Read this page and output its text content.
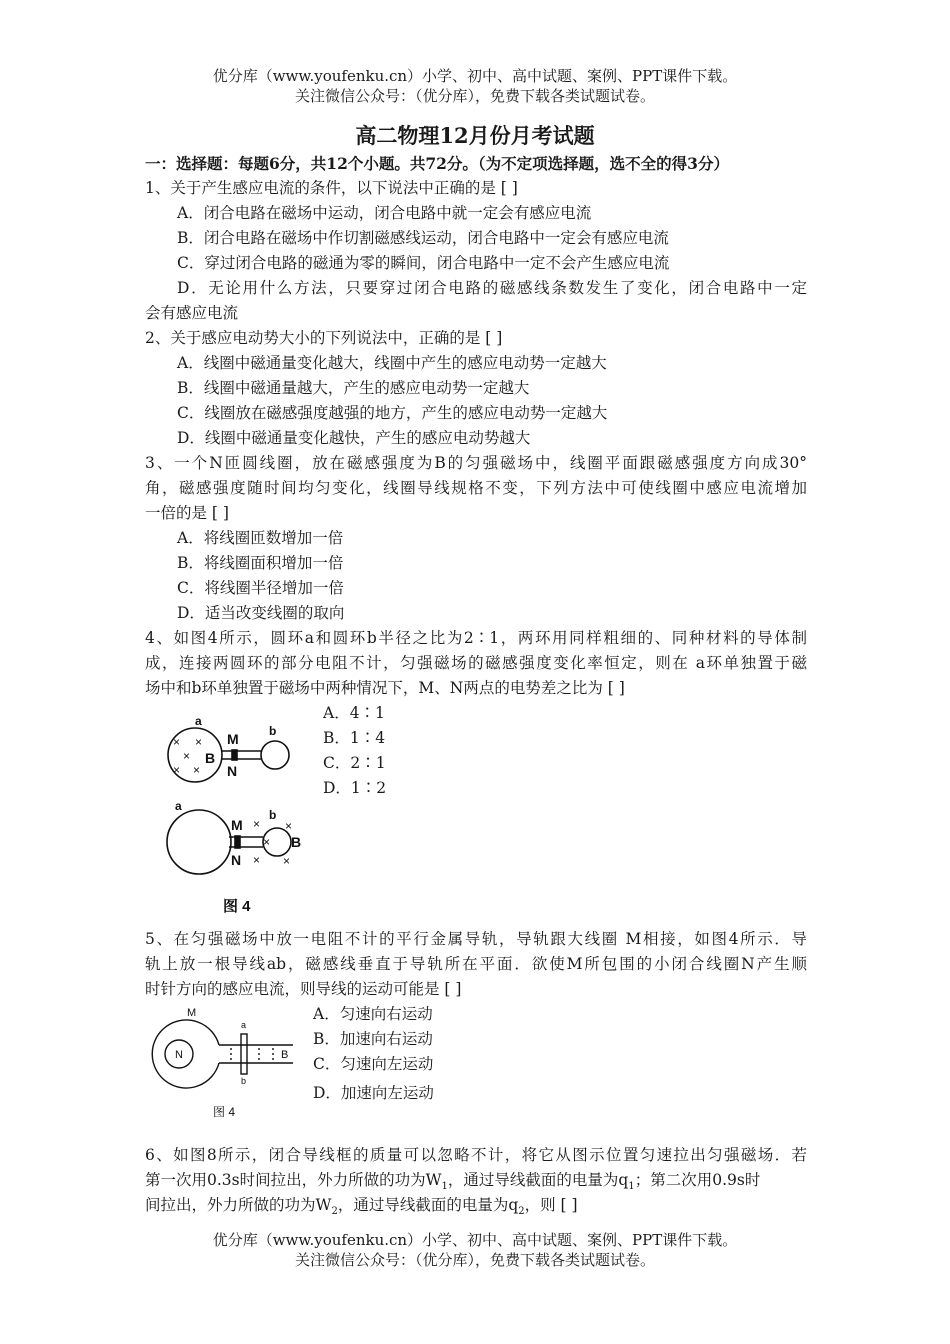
优分库（www.youfenku.cn）小学、初中、高中试题、案例、PPT课件下载。
关注微信公众号：（优分库），免费下载各类试题试卷。
高二物理12月份月考试题
一：选择题：每题6分，共12个小题。共72分。（为不定项选择题，选不全的得3分）
1、关于产生感应电流的条件，以下说法中正确的是 [ ]
A．闭合电路在磁场中运动，闭合电路中就一定会有感应电流
B．闭合电路在磁场中作切割磁感线运动，闭合电路中一定会有感应电流
C．穿过闭合电路的磁通为零的瞬间，闭合电路中一定不会产生感应电流
D．无论用什么方法，只要穿过闭合电路的磁感线条数发生了变化，闭合电路中一定
会有感应电流
2、关于感应电动势大小的下列说法中，正确的是 [ ]
A．线圈中磁通量变化越大，线圈中产生的感应电动势一定越大
B．线圈中磁通量越大，产生的感应电动势一定越大
C．线圈放在磁感强度越强的地方，产生的感应电动势一定越大
D．线圈中磁通量变化越快，产生的感应电动势越大
3、一个N匝圆线圈，放在磁感强度为B的匀强磁场中，线圈平面跟磁感强度方向成30°
角，磁感强度随时间均匀变化，线圈导线规格不变，下列方法中可使线圈中感应电流增加
一倍的是 [ ]
A．将线圈匝数增加一倍
B．将线圈面积增加一倍
C．将线圈半径增加一倍
D．适当改变线圈的取向
4、如图4所示，圆环a和圆环b半径之比为2∶1，两环用同样粗细的、同种材料的导体制
成，连接两圆环的部分电阻不计，匀强磁场的磁感强度变化率恒定，则在 a环单独置于磁
场中和b环单独置于磁场中两种情况下，M、N两点的电势差之比为 [ ]
× ×
×
× ×
a
M
N
B
b
× ×
×
× ×
a
M
N
b
B
图 4
A．4∶1
B．1∶4
C．2∶1
D．1∶2
5、在匀强磁场中放一电阻不计的平行金属导轨，导轨跟大线圈 M相接，如图4所示．导
轨上放一根导线ab，磁感线垂直于导轨所在平面．欲使M所包围的小闭合线圈N产生顺
时针方向的感应电流，则导线的运动可能是 [ ]
M
N
a
b
B
图 4
A．匀速向右运动
B．加速向右运动
C．匀速向左运动
D．加速向左运动
6、如图8所示，闭合导线框的质量可以忽略不计，将它从图示位置匀速拉出匀强磁场．若
第一次用0.3s时间拉出，外力所做的功为$W_1$，通过导线截面的电量为$q_1$；第二次用0.9s时
间拉出，外力所做的功为$W_2$，通过导线截面的电量为$q_2$，则 [ ]
优分库（www.youfenku.cn）小学、初中、高中试题、案例、PPT课件下载。
关注微信公众号：（优分库），免费下载各类试题试卷。
